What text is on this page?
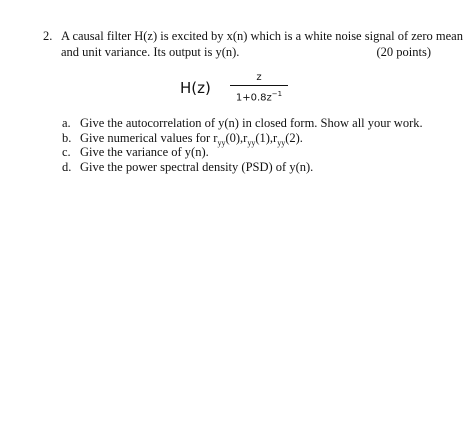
2. A causal filter H(z) is excited by x(n) which is a white noise signal of zero mean
and unit variance. Its output is y(n).	(20 points)
H(z)
z
$1+0.8z^{-1}$
a. Give the autocorrelation of y(n) in closed form. Show all your work.
b. Give numerical values for $r_{yy}(0),r_{yy}(1),r_{yy}(2)$.
c. Give the variance of y(n).
d. Give the power spectral density (PSD) of y(n).
